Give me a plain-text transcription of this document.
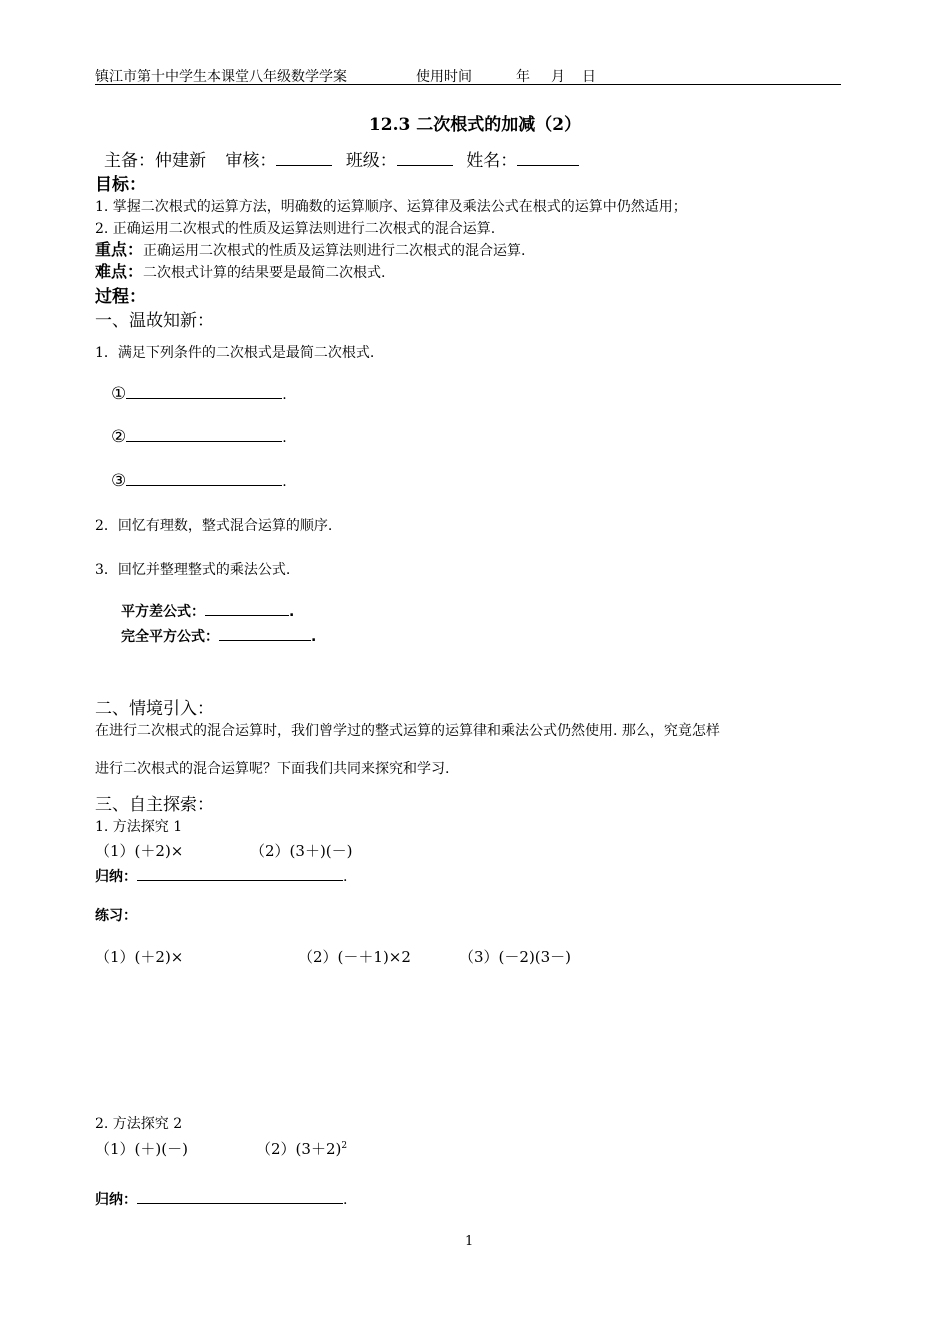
镇江市第十中学生本课堂八年级数学学案	使用时间	年 月 日
12.3 二次根式的加减（2）
主备：仲建新 审核：	班级：	姓名：
目标：
1. 掌握二次根式的运算方法，明确数的运算顺序、运算律及乘法公式在根式的运算中仍然适用；
2. 正确运用二次根式的性质及运算法则进行二次根式的混合运算.
重点：正确运用二次根式的性质及运算法则进行二次根式的混合运算.
难点：二次根式计算的结果要是最简二次根式.
过程：
一、温故知新：
1．满足下列条件的二次根式是最简二次根式.
①	.
②	.
③	.
2．回忆有理数，整式混合运算的顺序.
3．回忆并整理整式的乘法公式.
平方差公式：	.
完全平方公式：	.
二、情境引入：
在进行二次根式的混合运算时，我们曾学过的整式运算的运算律和乘法公式仍然使用. 那么，究竟怎样
进行二次根式的混合运算呢？下面我们共同来探究和学习.
三、自主探索：
1. 方法探究 1
（1）(＋2)×	（2）(3＋)(－)
归纳：	.
练习：
（1）(＋2)×	（2）(－＋1)×2	（3）(－2)(3－)
2. 方法探究 2
（1）(＋)(－)	$(2)(3+2)^2$
归纳：	.
1
